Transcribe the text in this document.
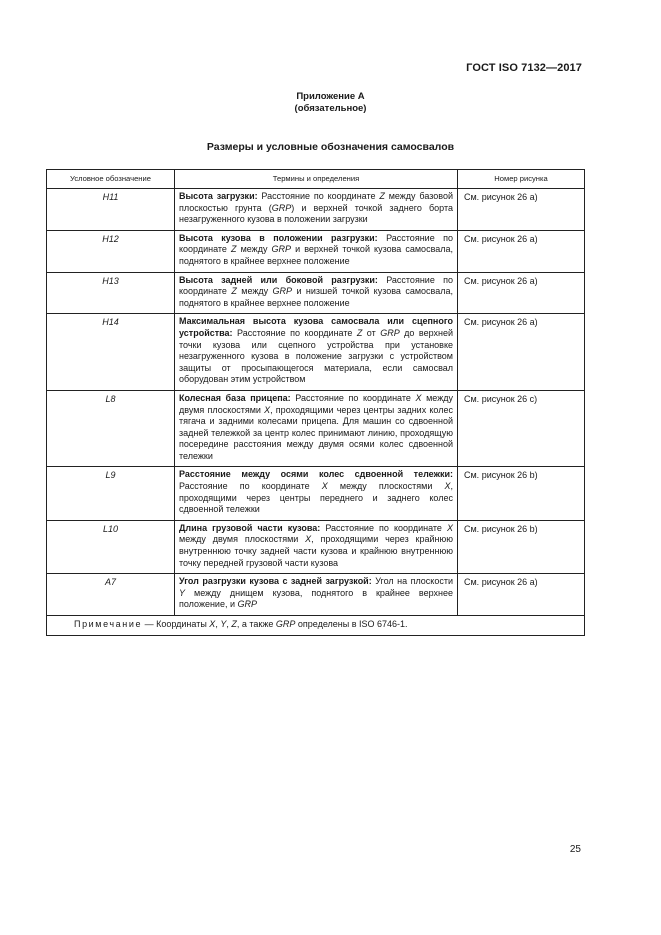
ГОСТ ISO 7132—2017
Приложение А
(обязательное)
Размеры и условные обозначения самосвалов
Условное обозначение	Термины и определения	Номер рисунка
H11	Высота загрузки: Расстояние по координате Z между базовой плоскостью грунта (GRP) и верхней точкой заднего борта незагруженного кузова в положении загрузки	См. рисунок 26 а)
H12	Высота кузова в положении разгрузки: Расстояние по координате Z между GRP и верхней точкой кузова самосвала, поднятого в крайнее верхнее положение	См. рисунок 26 а)
H13	Высота задней или боковой разгрузки: Расстояние по координате Z между GRP и низшей точкой кузова самосвала, поднятого в крайнее верхнее положение	См. рисунок 26 а)
H14	Максимальная высота кузова самосвала или сцепного устройства: Расстояние по координате Z от GRP до верхней точки кузова или сцепного устройства при установке незагруженного кузова в положение загрузки с устройством защиты от просыпающегося материала, если самосвал оборудован этим устройством	См. рисунок 26 а)
L8	Колесная база прицепа: Расстояние по координате X между двумя плоскостями X, проходящими через центры задних колес тягача и задними колесами прицепа. Для машин со сдвоенной задней тележкой за центр колес принимают линию, проходящую посередине расстояния между двумя осями колес сдвоенной тележки	См. рисунок 26 с)
L9	Расстояние между осями колес сдвоенной тележки: Расстояние по координате X между плоскостями X, проходящими через центры переднего и заднего колес сдвоенной тележки	См. рисунок 26 b)
L10	Длина грузовой части кузова: Расстояние по координате X между двумя плоскостями X, проходящими через крайнюю внутреннюю точку задней части кузова и крайнюю внутреннюю точку передней грузовой части кузова	См. рисунок 26 b)
A7	Угол разгрузки кузова с задней загрузкой: Угол на плоскости Y между днищем кузова, поднятого в крайнее верхнее положение, и GRP	См. рисунок 26 а)
Примечание — Координаты X, Y, Z, а также GRP определены в ISO 6746-1.		
25
